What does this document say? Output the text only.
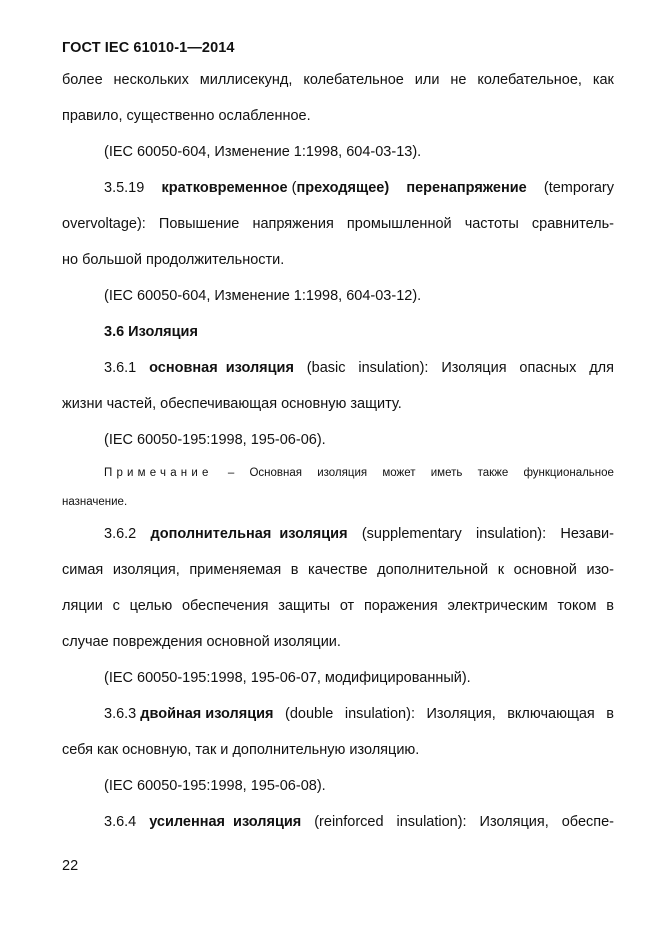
ГОСТ IEC 61010-1—2014
более нескольких миллисекунд, колебательное или не колебательное, как
правило, существенно ослабленное.
(IEC 60050-604, Изменение 1:1998, 604-03-13).
3.5.19 кратковременное (преходящее) перенапряжение (temporary
overvoltage): Повышение напряжения промышленной частоты сравнитель-
но большой продолжительности.
(IEC 60050-604, Изменение 1:1998, 604-03-12).
3.6 Изоляция
3.6.1 основная  изоляция (basic insulation): Изоляция опасных для
жизни частей, обеспечивающая основную защиту.
(IEC 60050-195:1998, 195-06-06).
Примечание – Основная изоляция может иметь также функциональное
назначение.
3.6.2 дополнительная  изоляция (supplementary insulation): Незави-
симая изоляция, применяемая в качестве дополнительной к основной изо-
ляции с целью обеспечения защиты от поражения электрическим током в
случае повреждения основной изоляции.
(IEC 60050-195:1998, 195-06-07, модифицированный).
3.6.3 двойная изоляция (double insulation): Изоляция, включающая в
себя как основную, так и дополнительную изоляцию.
(IEC 60050-195:1998, 195-06-08).
3.6.4 усиленная  изоляция (reinforced insulation): Изоляция, обеспе-
22
